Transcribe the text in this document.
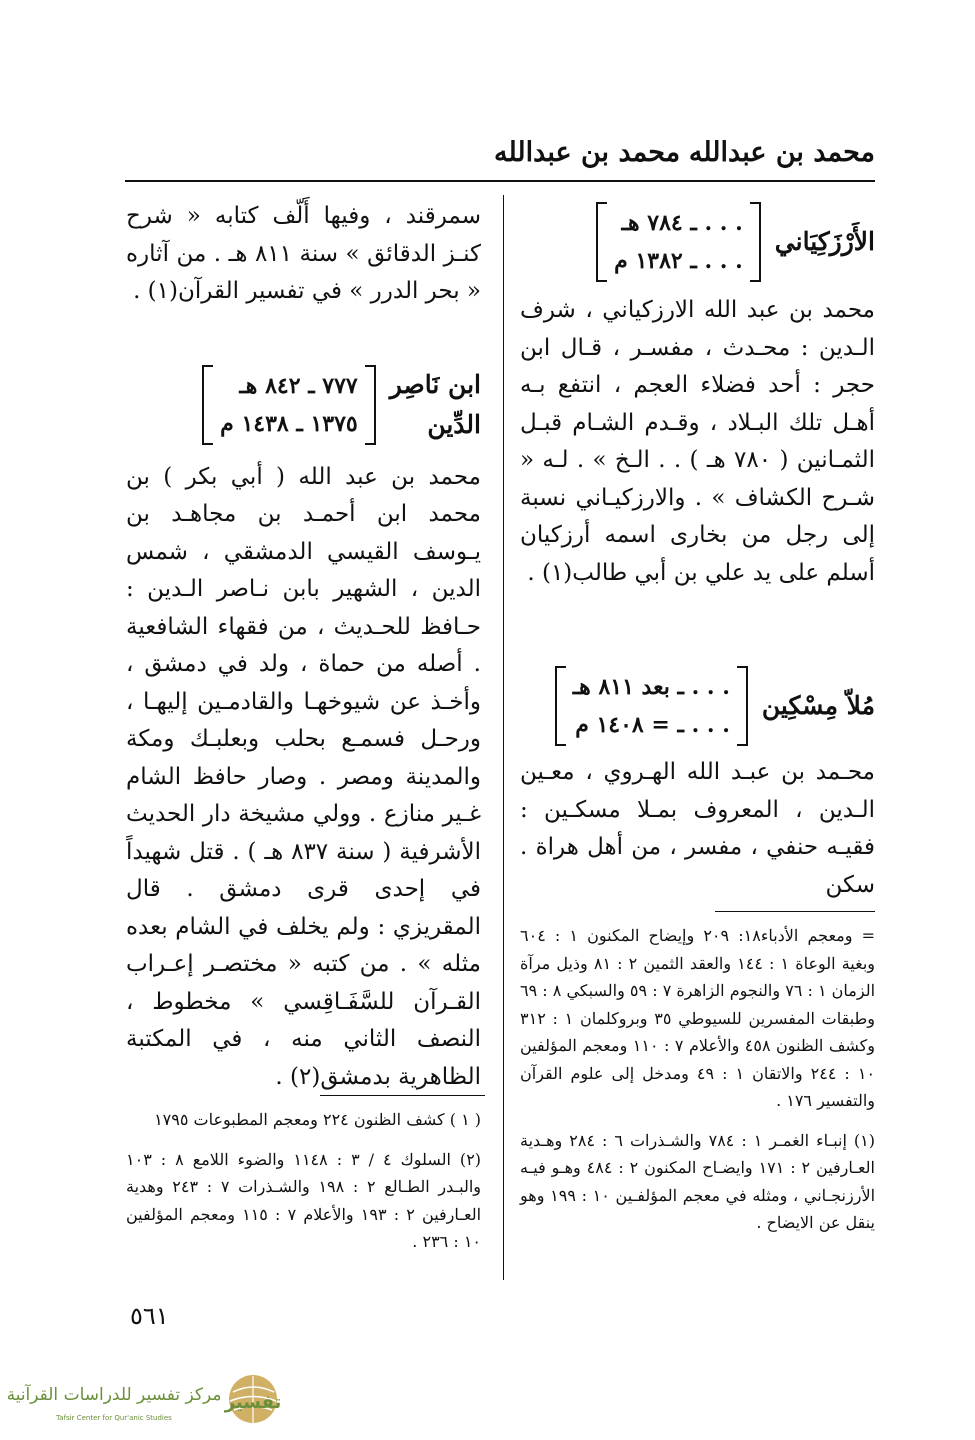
محمد بن عبدالله
محمد بن عبدالله
الأَرْزَكِيَاني
. . . ـ ٧٨٤ هـ
. . . ـ ١٣٨٢ م

محمد بن عبد الله الارزكياني ، شرف الـدين : محـدث ، مفسـر ، قـال ابن حجر : أحد فضلاء العجم ، انتفع بـه أهـل تلك البـلاد ، وقـدم الشـام قبـل الثمـانين ( ٧٨٠ هـ ) . . الـخ » . لـه « شـرح الكشاف » . والارزكيـاني نسبة إلى رجل من بخارى اسمه أرزكيان أسلم على يد علي بن أبي طالب(١) .

مُلاّ مِسْكِين
. . . ـ بعد ٨١١ هـ
. . . ـ = ١٤٠٨ م

محـمد بن عبـد الله الهـروي ، معـين الـدين ، المعروف بمـلا مسكـين : فقيـه حنفي ، مفسر ، من أهل هراة . سكن

= ومعجم الأدباء١٨: ٢٠٩ وإيضاح المكنون ١ : ٦٠٤ وبغية الوعاة ١ : ١٤٤ والعقد الثمين ٢ : ٨١ وذيل مرآة الزمان ١ : ٧٦ والنجوم الزاهرة ٧ : ٥٩ والسبكي ٨ : ٦٩ وطبقات المفسرين للسيوطي ٣٥ وبروكلمان ١ : ٣١٢ وكشف الظنون ٤٥٨ والأعلام ٧ : ١١٠ ومعجم المؤلفين ١٠ : ٢٤٤ والاتقان ١ : ٤٩ ومدخل إلى علوم القرآن والتفسير ١٧٦ .

(١) إنبـاء الغمـر ١ : ٧٨٤ والشـذرات ٦ : ٢٨٤ وهـدية العـارفين ٢ : ١٧١ وايضـاح المكنون ٢ : ٤٨٤ وهـو فيـه الأرزنجـاني ، ومثله في معجم المؤلفـين ١٠ : ١٩٩ وهو ينقل عن الايضاح .

سمرقند ، وفيها أَلّف كتابه « شرح كنـز الدقائق » سنة ٨١١ هـ . من آثاره « بحر الدرر » في تفسير القرآن(١) .

ابن نَاصِر
الدِّين
٧٧٧ ـ ٨٤٢ هـ
١٣٧٥ ـ ١٤٣٨ م

محمد بن عبد الله ( أبي بكر ) بن محمد ابن أحمـد بن مجاهـد بن يـوسف القيسي الدمشقي ، شمس الدين ، الشهير بابن نـاصر الـدين : حـافظ للحـديث ، من فقهاء الشافعية . أصله من حماة ، ولد في دمشق ، وأخـذ عن شيوخهـا والقادمـين إليهـا ، ورحـل فسمـع بحلب وبعلبـك ومكة والمدينة ومصر . وصار حافظ الشام غـير منازع . وولي مشيخة دار الحديث الأشرفية ( سنة ٨٣٧ هـ ) . قتل شهيداً في إحدى قرى دمشق . قال المقريزي : ولم يخلف في الشام بعده مثله » . من كتبه « مختصـر إعـراب القـرآن للسَّفَـاقِسي » مخطوط ، النصف الثاني منه ، في المكتبة الظاهرية بدمشق(٢) .

( ١ ) كشف الظنون ٢٢٤ ومعجم المطبوعات ١٧٩٥

(٢) السلوك ٤ / ٣ : ١١٤٨ والضوء اللامع ٨ : ١٠٣ والبـدر الطـالع ٢ : ١٩٨ والشـذرات ٧ : ٢٤٣ وهدية العـارفين ٢ : ١٩٣ والأعلام ٧ : ١١٥ ومعجم المؤلفين ١٠ : ٢٣٦ .

٥٦١
تفسير
مركز تفسير للدراسات القرآنية
Tafsir Center for Qur'anic Studies
